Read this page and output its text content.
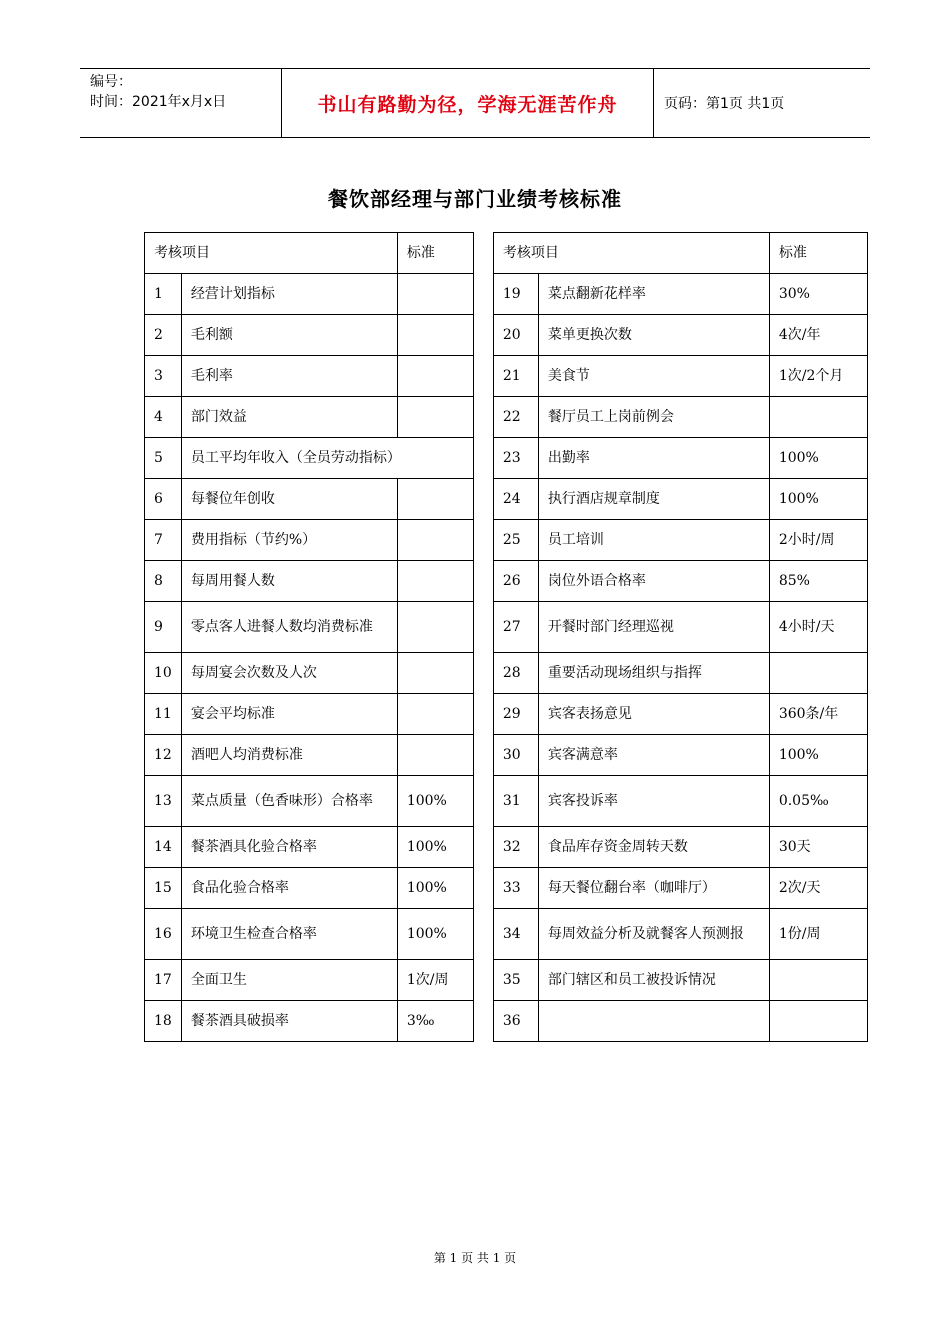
编号：
时间：2021年x月x日	书山有路勤为径，学海无涯苦作舟	页码：第1页 共1页
餐饮部经理与部门业绩考核标准
考核项目		标准		考核项目		标准
1	经营计划指标			19	菜点翻新花样率	30%
2	毛利额			20	菜单更换次数	4次/年
3	毛利率			21	美食节	1次/2个月
4	部门效益			22	餐厅员工上岗前例会	
5	员工平均年收入（全员劳动指标）			23	出勤率	100%
6	每餐位年创收			24	执行酒店规章制度	100%
7	费用指标（节约%）			25	员工培训	2小时/周
8	每周用餐人数			26	岗位外语合格率	85%
9	零点客人进餐人数均消费标准			27	开餐时部门经理巡视	4小时/天
10	每周宴会次数及人次			28	重要活动现场组织与指挥	
11	宴会平均标准			29	宾客表扬意见	360条/年
12	酒吧人均消费标准			30	宾客满意率	100%
13	菜点质量（色香味形）合格率	100%		31	宾客投诉率	0.05‰
14	餐茶酒具化验合格率	100%		32	食品库存资金周转天数	30天
15	食品化验合格率	100%		33	每天餐位翻台率（咖啡厅）	2次/天
16	环境卫生检查合格率	100%		34	每周效益分析及就餐客人预测报	1份/周
17	全面卫生	1次/周		35	部门辖区和员工被投诉情况	
18	餐茶酒具破损率	3‰		36		
第 1 页 共 1 页
